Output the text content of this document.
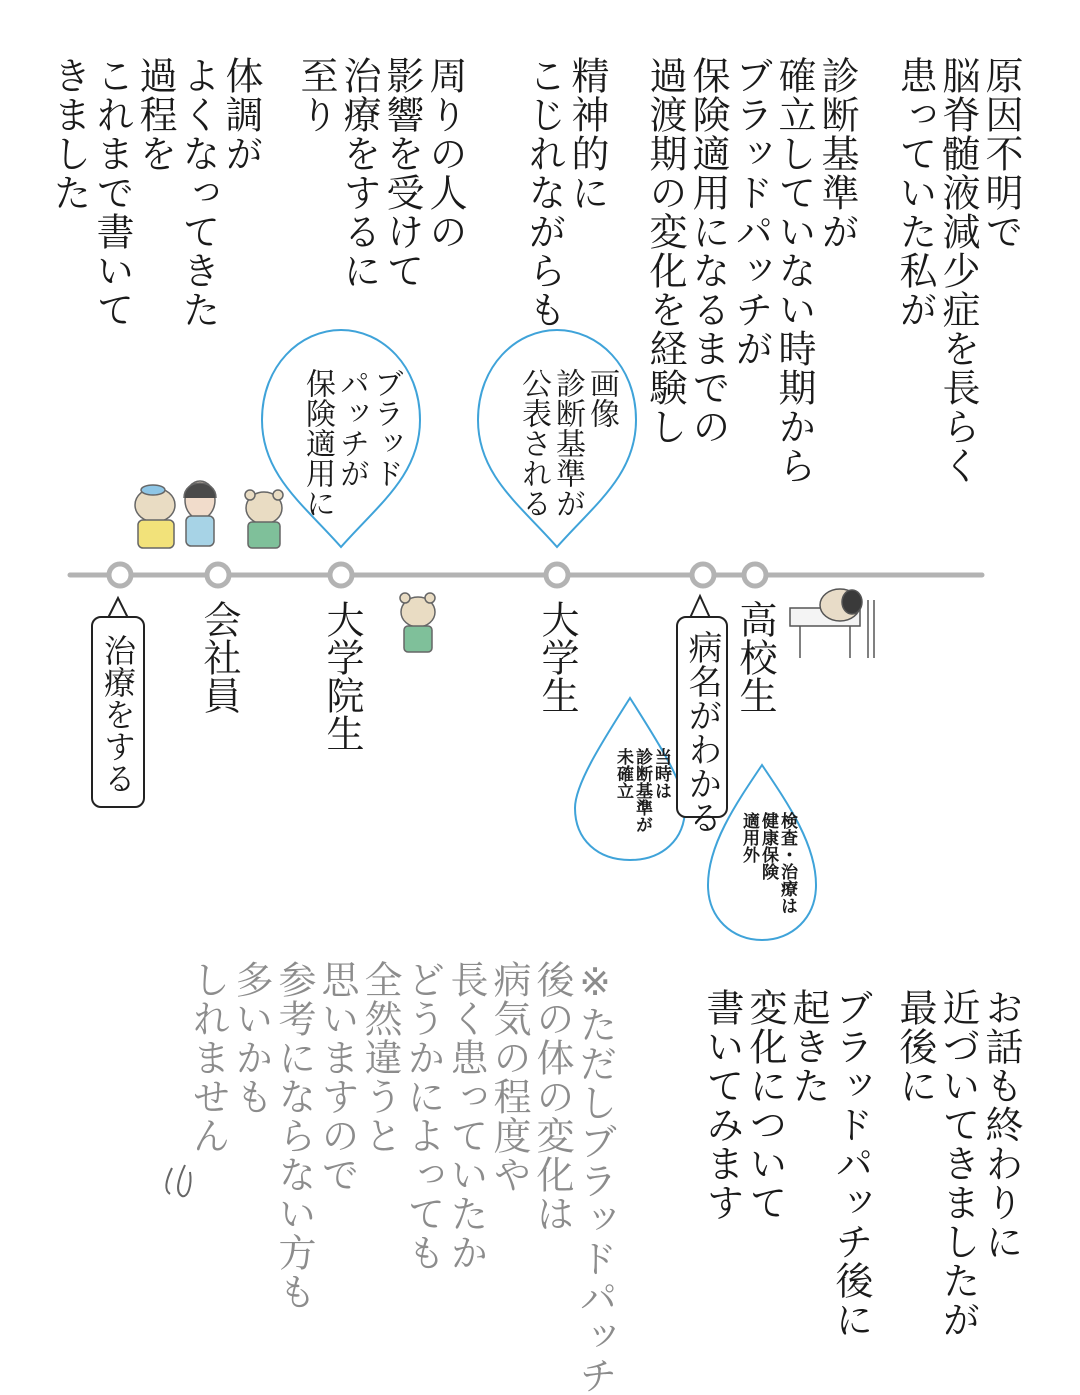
原因不明で
脳脊髄液減少症を長らく
患っていた私が
診断基準が
確立していない時期から
ブラッドパッチが
保険適用になるまでの
過渡期の変化を経験し
精神的に
こじれながらも
周りの人の
影響を受けて
治療をするに
至り
体調が
よくなってきた
過程を
これまで書いて
きました
高校生
大学生
大学院生
会社員	病名がわかる
治療をする
画像
診断基準が
公表される
ブラッド
パッチが
保険適用に
当時は
診断基準が
未確立
検査・治療は
健康保険
適用外
お話も終わりに
近づいてきましたが
最後に
ブラッドパッチ後に
起きた
変化について
書いてみます
※ただしブラッドパッチ
後の体の変化は
病気の程度や
長く患っていたか
どうかによっても
全然違うと
思いますので
参考にならない方も
多いかも
しれません
